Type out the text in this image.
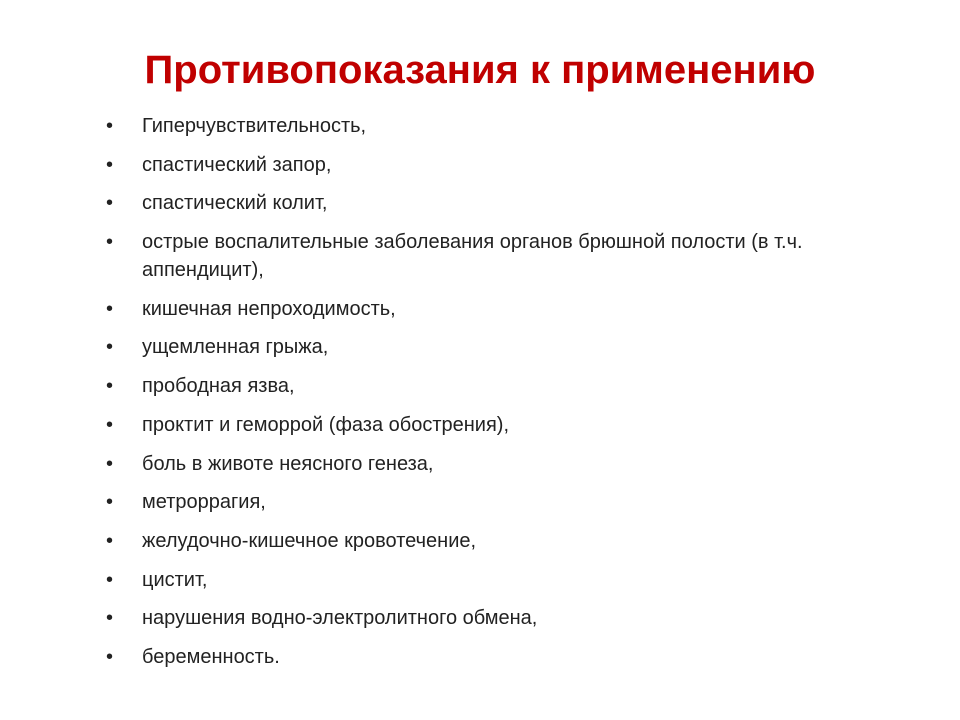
Противопоказания к применению
• Гиперчувствительность,
• спастический запор,
• спастический колит,
• острые воспалительные заболевания органов брюшной полости (в т.ч. аппендицит),
• кишечная непроходимость,
• ущемленная грыжа,
• прободная язва,
• проктит и геморрой (фаза обострения),
• боль в животе неясного генеза,
• метроррагия,
• желудочно-кишечное кровотечение,
• цистит,
• нарушения водно-электролитного обмена,
• беременность.
